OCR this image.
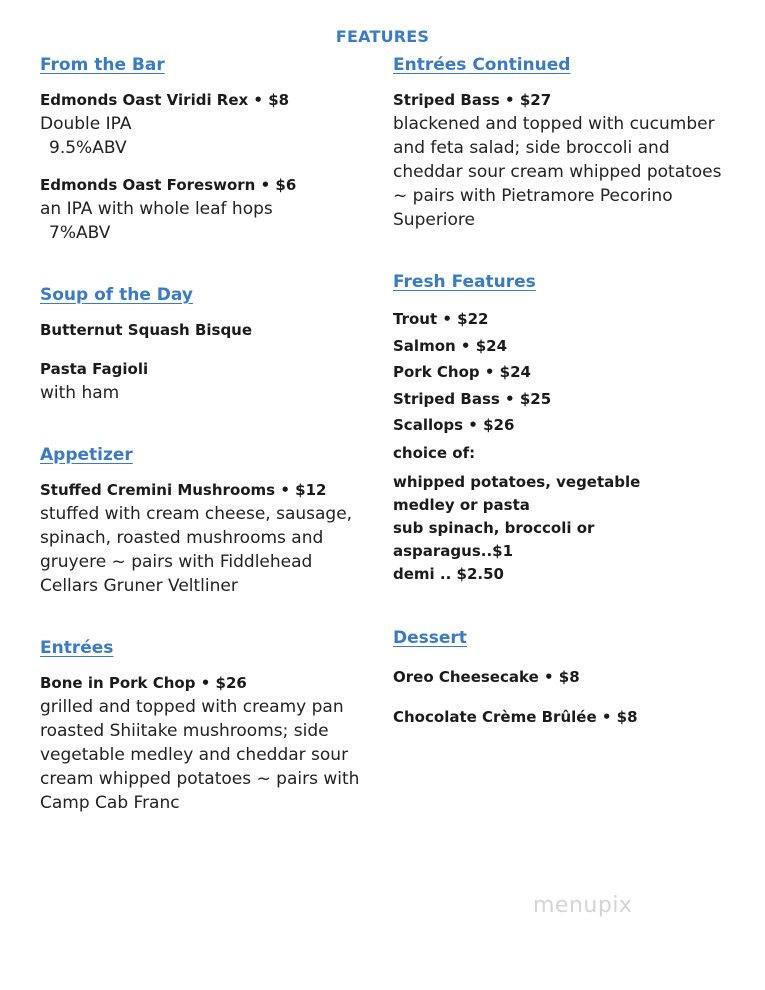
FEATURES
From the Bar
Edmonds Oast Viridi Rex • $8
Double IPA
9.5%ABV
Edmonds Oast Foresworn • $6
an IPA with whole leaf hops
7%ABV
Soup of the Day
Butternut Squash Bisque
Pasta Fagioli
with ham
Appetizer
Stuffed Cremini Mushrooms • $12
stuffed with cream cheese, sausage, spinach, roasted mushrooms and gruyere ~ pairs with Fiddlehead Cellars Gruner Veltliner
Entrées
Bone in Pork Chop • $26
grilled and topped with creamy pan roasted Shiitake mushrooms; side vegetable medley and cheddar sour cream whipped potatoes ~ pairs with Camp Cab Franc
Entrées Continued
Striped Bass • $27
blackened and topped with cucumber and feta salad; side broccoli and cheddar sour cream whipped potatoes ~ pairs with Pietramore Pecorino Superiore
Fresh Features
Trout • $22
Salmon • $24
Pork Chop • $24
Striped Bass • $25
Scallops • $26
choice of:
whipped potatoes, vegetable
medley or pasta
sub spinach, broccoli or
asparagus..$1
demi .. $2.50
Dessert
Oreo Cheesecake • $8
Chocolate Crème Brûlée • $8
menupix
